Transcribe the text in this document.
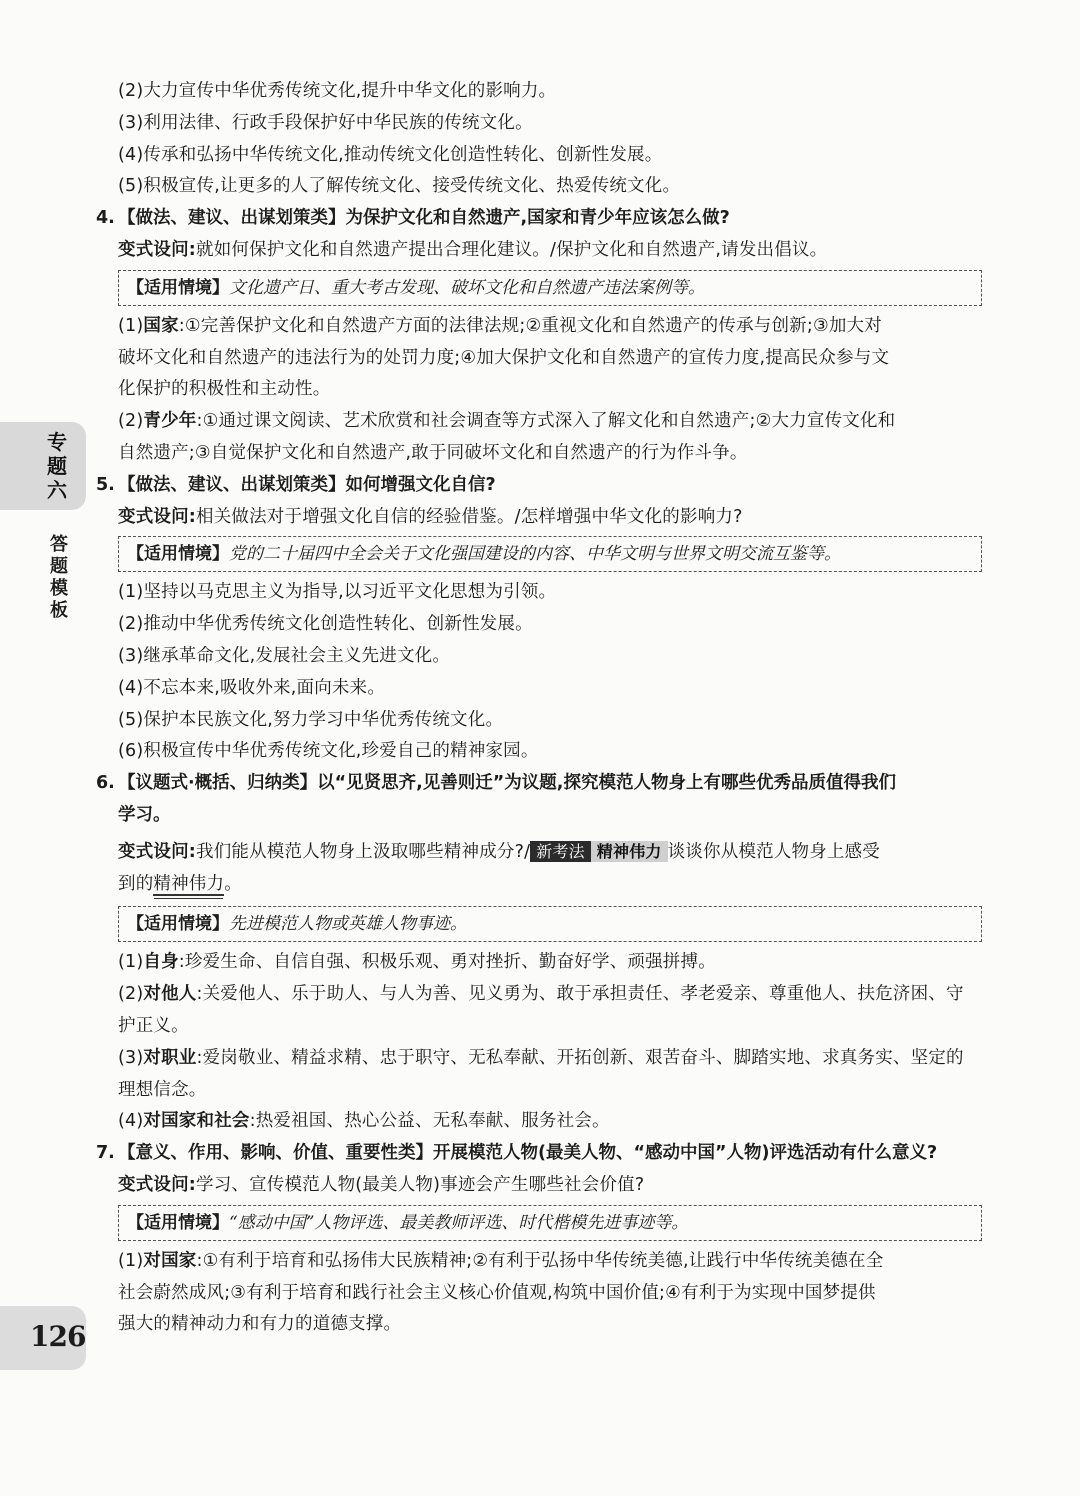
专题六
答题模板
126
(2)大力宣传中华优秀传统文化,提升中华文化的影响力。
(3)利用法律、行政手段保护好中华民族的传统文化。
(4)传承和弘扬中华传统文化,推动传统文化创造性转化、创新性发展。
(5)积极宣传,让更多的人了解传统文化、接受传统文化、热爱传统文化。
4. 【做法、建议、出谋划策类】为保护文化和自然遗产,国家和青少年应该怎么做?
变式设问:就如何保护文化和自然遗产提出合理化建议。/保护文化和自然遗产,请发出倡议。
【适用情境】文化遗产日、重大考古发现、破坏文化和自然遗产违法案例等。
(1)国家:①完善保护文化和自然遗产方面的法律法规;②重视文化和自然遗产的传承与创新;③加大对
破坏文化和自然遗产的违法行为的处罚力度;④加大保护文化和自然遗产的宣传力度,提高民众参与文
化保护的积极性和主动性。
(2)青少年:①通过课文阅读、艺术欣赏和社会调查等方式深入了解文化和自然遗产;②大力宣传文化和
自然遗产;③自觉保护文化和自然遗产,敢于同破坏文化和自然遗产的行为作斗争。
5. 【做法、建议、出谋划策类】如何增强文化自信?
变式设问:相关做法对于增强文化自信的经验借鉴。/怎样增强中华文化的影响力?
【适用情境】党的二十届四中全会关于文化强国建设的内容、中华文明与世界文明交流互鉴等。
(1)坚持以马克思主义为指导,以习近平文化思想为引领。
(2)推动中华优秀传统文化创造性转化、创新性发展。
(3)继承革命文化,发展社会主义先进文化。
(4)不忘本来,吸收外来,面向未来。
(5)保护本民族文化,努力学习中华优秀传统文化。
(6)积极宣传中华优秀传统文化,珍爱自己的精神家园。
6. 【议题式·概括、归纳类】以“见贤思齐,见善则迁”为议题,探究模范人物身上有哪些优秀品质值得我们
学习。
变式设问:我们能从模范人物身上汲取哪些精神成分?/ 新考法 精神伟力 谈谈你从模范人物身上感受
到的精神伟力。
【适用情境】先进模范人物或英雄人物事迹。
(1)自身:珍爱生命、自信自强、积极乐观、勇对挫折、勤奋好学、顽强拼搏。
(2)对他人:关爱他人、乐于助人、与人为善、见义勇为、敢于承担责任、孝老爱亲、尊重他人、扶危济困、守
护正义。
(3)对职业:爱岗敬业、精益求精、忠于职守、无私奉献、开拓创新、艰苦奋斗、脚踏实地、求真务实、坚定的
理想信念。
(4)对国家和社会:热爱祖国、热心公益、无私奉献、服务社会。
7. 【意义、作用、影响、价值、重要性类】开展模范人物(最美人物、“感动中国”人物)评选活动有什么意义?
变式设问:学习、宣传模范人物(最美人物)事迹会产生哪些社会价值?
【适用情境】“感动中国”人物评选、最美教师评选、时代楷模先进事迹等。
(1)对国家:①有利于培育和弘扬伟大民族精神;②有利于弘扬中华传统美德,让践行中华传统美德在全
社会蔚然成风;③有利于培育和践行社会主义核心价值观,构筑中国价值;④有利于为实现中国梦提供
强大的精神动力和有力的道德支撑。
